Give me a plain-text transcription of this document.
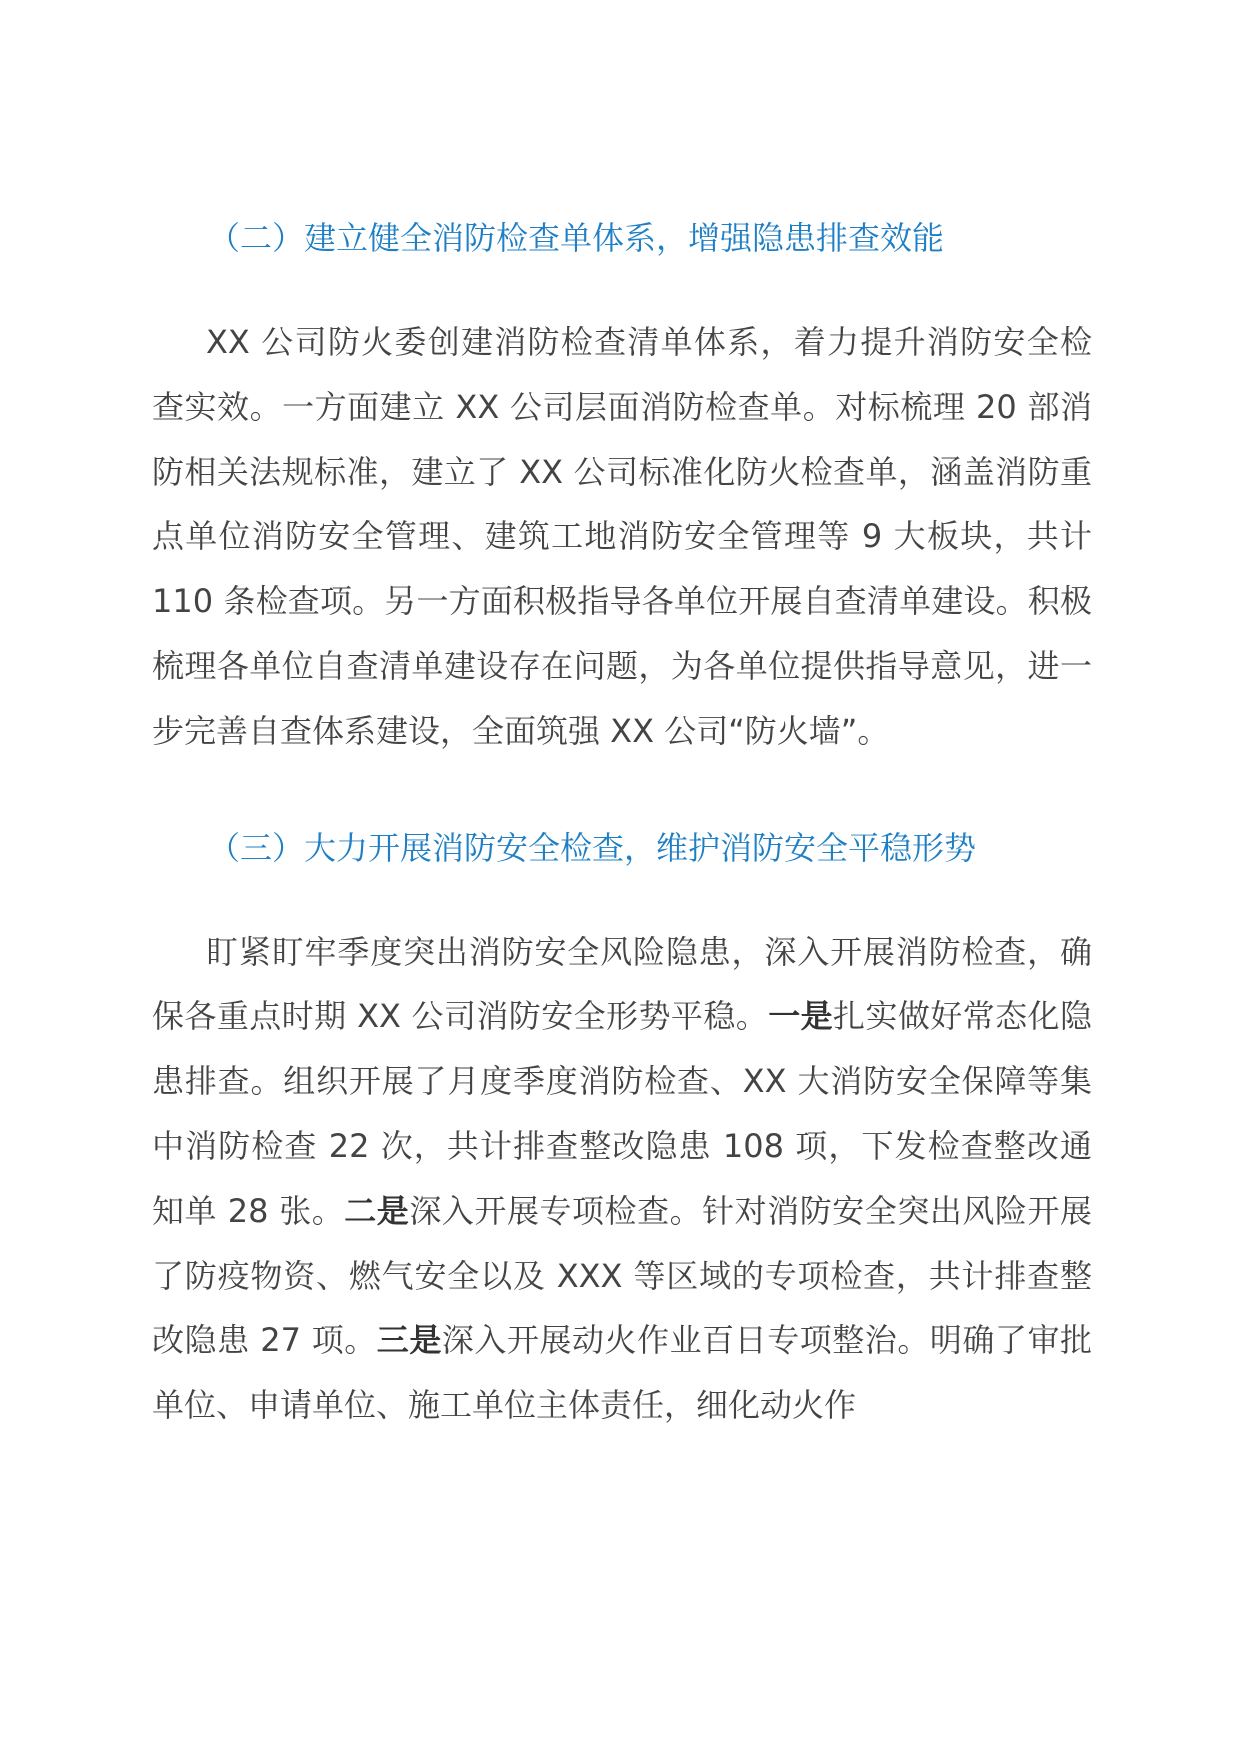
（二）建立健全消防检查单体系，增强隐患排查效能

XX 公司防火委创建消防检查清单体系，着力提升消防安全检查实效。一方面建立 XX 公司层面消防检查单。对标梳理 20 部消防相关法规标准，建立了 XX 公司标准化防火检查单，涵盖消防重点单位消防安全管理、建筑工地消防安全管理等 9 大板块，共计 110 条检查项。另一方面积极指导各单位开展自查清单建设。积极梳理各单位自查清单建设存在问题，为各单位提供指导意见，进一步完善自查体系建设，全面筑强 XX 公司“防火墙”。

（三）大力开展消防安全检查，维护消防安全平稳形势

盯紧盯牢季度突出消防安全风险隐患，深入开展消防检查，确保各重点时期 XX 公司消防安全形势平稳。一是扎实做好常态化隐患排查。组织开展了月度季度消防检查、XX 大消防安全保障等集中消防检查 22 次，共计排查整改隐患 108 项，下发检查整改通知单 28 张。二是深入开展专项检查。针对消防安全突出风险开展了防疫物资、燃气安全以及 XXX 等区域的专项检查，共计排查整改隐患 27 项。三是深入开展动火作业百日专项整治。明确了审批单位、申请单位、施工单位主体责任，细化动火作
